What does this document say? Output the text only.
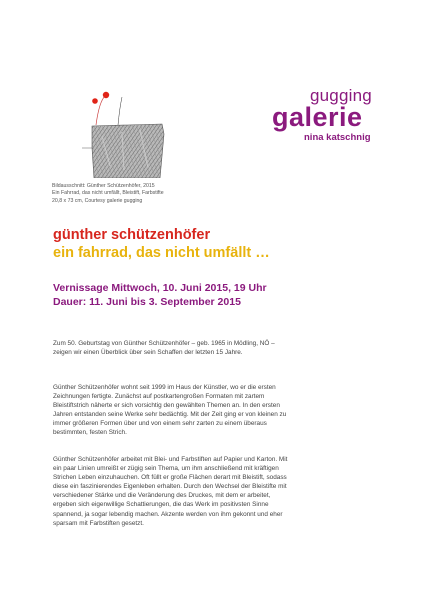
Bildausschnitt: Günther Schützenhöfer, 2015
Ein Fahrrad, das nicht umfällt, Bleistift, Farbstifte
20,8 x 73 cm, Courtesy galerie gugging
gugging
galerie
nina katschnig
günther schützenhöfer
ein fahrrad, das nicht umfällt …
Vernissage Mittwoch, 10. Juni 2015, 19 Uhr
Dauer: 11. Juni bis 3. September 2015
Zum 50. Geburtstag von Günther Schützenhöfer – geb. 1965 in Mödling, NÖ –
zeigen wir einen Überblick über sein Schaffen der letzten 15 Jahre.
Günther Schützenhöfer wohnt seit 1999 im Haus der Künstler, wo er die ersten
Zeichnungen fertigte. Zunächst auf postkartengroßen Formaten mit zartem
Bleistiftstrich näherte er sich vorsichtig den gewählten Themen an. In den ersten
Jahren entstanden seine Werke sehr bedächtig. Mit der Zeit ging er von kleinen zu
immer größeren Formen über und von einem sehr zarten zu einem überaus
bestimmten, festen Strich.
Günther Schützenhöfer arbeitet mit Blei- und Farbstiften auf Papier und Karton. Mit
ein paar Linien umreißt er zügig sein Thema, um ihm anschließend mit kräftigen
Strichen Leben einzuhauchen. Oft füllt er große Flächen derart mit Bleistift, sodass
diese ein faszinierendes Eigenleben erhalten. Durch den Wechsel der Bleistifte mit
verschiedener Stärke und die Veränderung des Druckes, mit dem er arbeitet,
ergeben sich eigenwillige Schattierungen, die das Werk im positivsten Sinne
spannend, ja sogar lebendig machen. Akzente werden von ihm gekonnt und eher
sparsam mit Farbstiften gesetzt.
